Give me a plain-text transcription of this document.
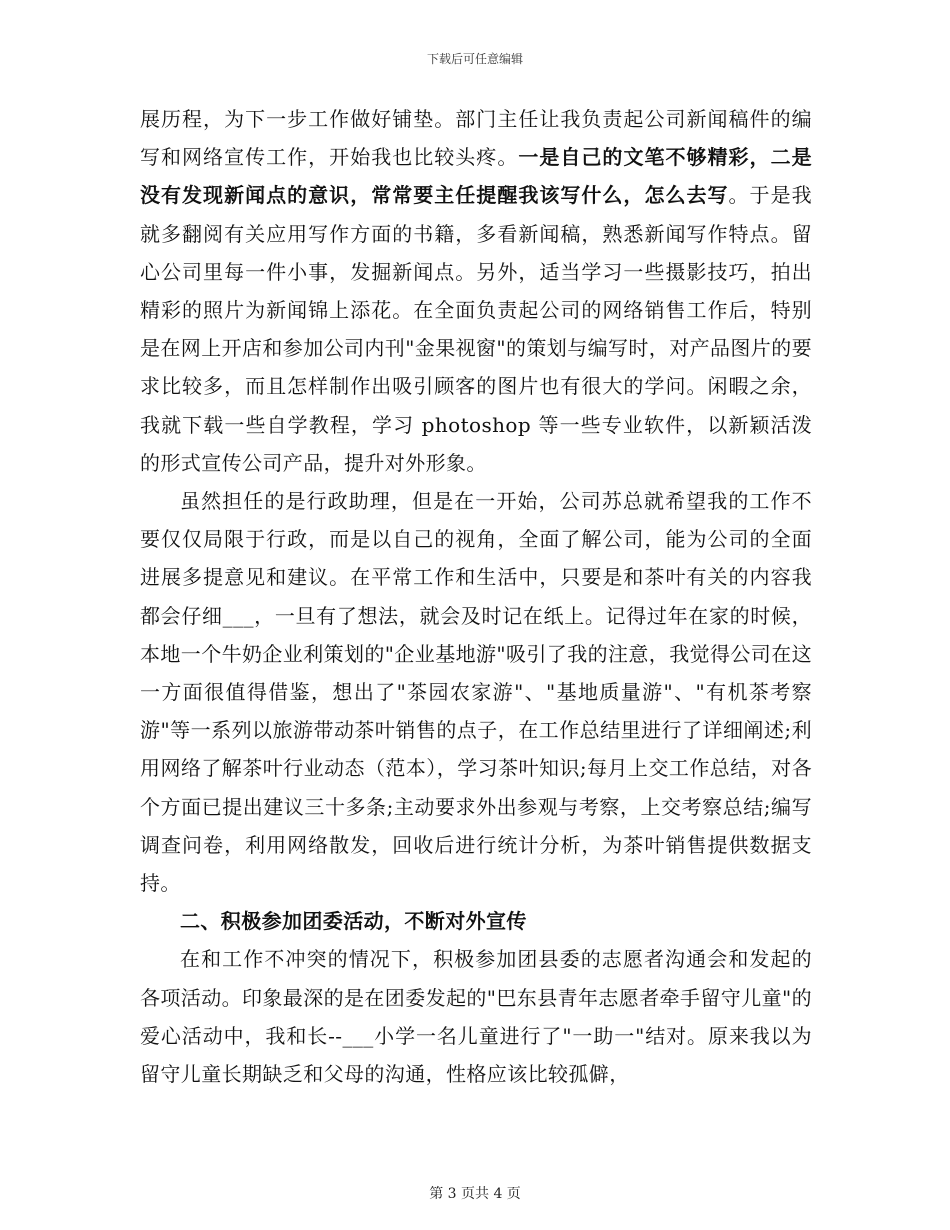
下载后可任意编辑

展历程，为下一步工作做好铺垫。部门主任让我负责起公司新闻稿件的编写和网络宣传工作，开始我也比较头疼。一是自己的文笔不够精彩，二是没有发现新闻点的意识，常常要主任提醒我该写什么，怎么去写。于是我就多翻阅有关应用写作方面的书籍，多看新闻稿，熟悉新闻写作特点。留心公司里每一件小事，发掘新闻点。另外，适当学习一些摄影技巧，拍出精彩的照片为新闻锦上添花。在全面负责起公司的网络销售工作后，特别是在网上开店和参加公司内刊"金果视窗"的策划与编写时，对产品图片的要求比较多，而且怎样制作出吸引顾客的图片也有很大的学问。闲暇之余，我就下载一些自学教程，学习 photoshop 等一些专业软件，以新颖活泼的形式宣传公司产品，提升对外形象。

虽然担任的是行政助理，但是在一开始，公司苏总就希望我的工作不要仅仅局限于行政，而是以自己的视角，全面了解公司，能为公司的全面进展多提意见和建议。在平常工作和生活中，只要是和茶叶有关的内容我都会仔细___，一旦有了想法，就会及时记在纸上。记得过年在家的时候，本地一个牛奶企业利策划的"企业基地游"吸引了我的注意，我觉得公司在这一方面很值得借鉴，想出了"茶园农家游"、"基地质量游"、"有机茶考察游"等一系列以旅游带动茶叶销售的点子，在工作总结里进行了详细阐述;利用网络了解茶叶行业动态（范本），学习茶叶知识;每月上交工作总结，对各个方面已提出建议三十多条;主动要求外出参观与考察，上交考察总结;编写调查问卷，利用网络散发，回收后进行统计分析，为茶叶销售提供数据支持。

二、积极参加团委活动，不断对外宣传

在和工作不冲突的情况下，积极参加团县委的志愿者沟通会和发起的各项活动。印象最深的是在团委发起的"巴东县青年志愿者牵手留守儿童"的爱心活动中，我和长--___小学一名儿童进行了"一助一"结对。原来我以为留守儿童长期缺乏和父母的沟通，性格应该比较孤僻，

第 3 页共 4 页
